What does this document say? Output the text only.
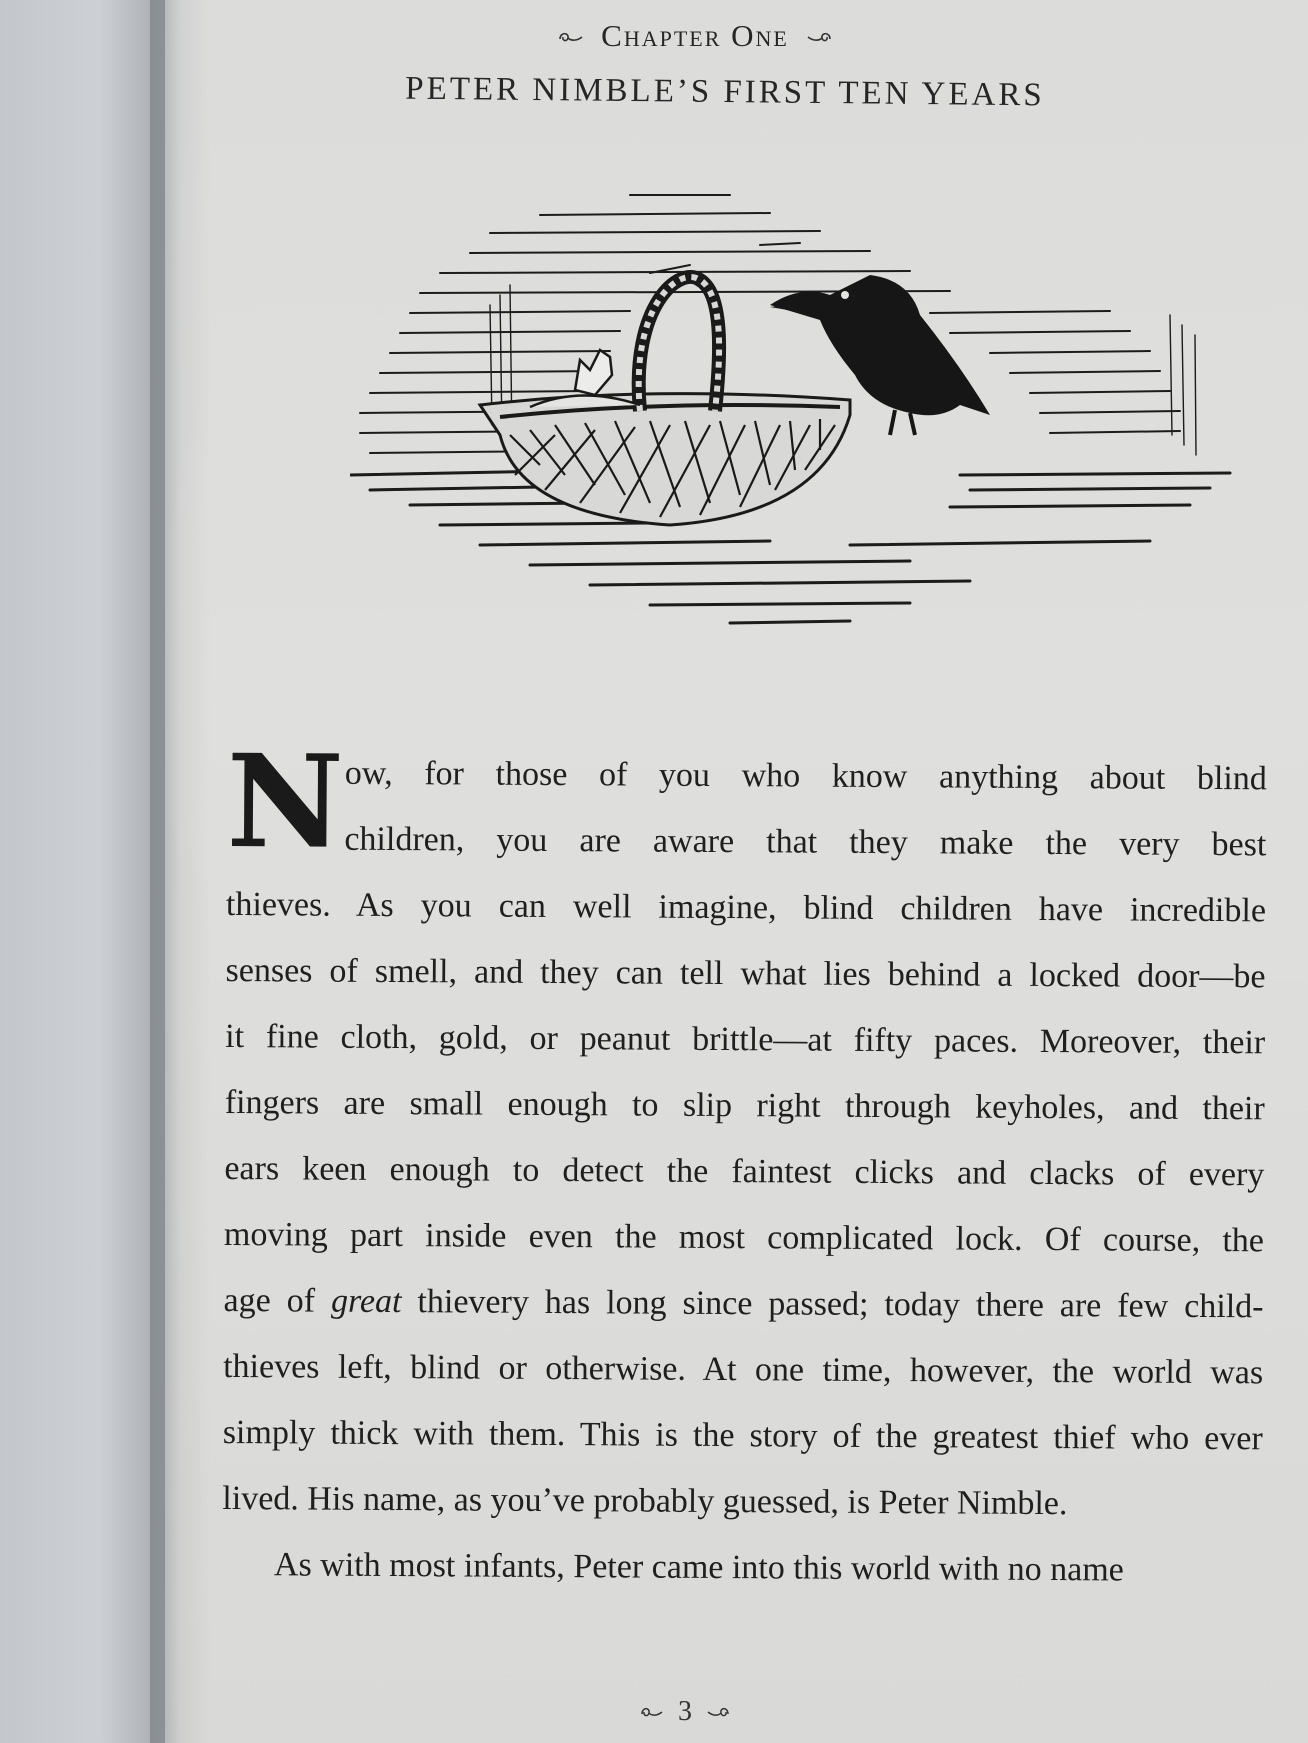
Chapter One
PETER NIMBLE’S FIRST TEN YEARS
N ow, for those of you who know anything about blind
children, you are aware that they make the very best
thieves. As you can well imagine, blind children have incredible
senses of smell, and they can tell what lies behind a locked door—be
it fine cloth, gold, or peanut brittle—at fifty paces. Moreover, their
fingers are small enough to slip right through keyholes, and their
ears keen enough to detect the faintest clicks and clacks of every
moving part inside even the most complicated lock. Of course, the
age of great thievery has long since passed; today there are few child-
thieves left, blind or otherwise. At one time, however, the world was
simply thick with them. This is the story of the greatest thief who ever
lived. His name, as you’ve probably guessed, is Peter Nimble.
As with most infants, Peter came into this world with no name
3
